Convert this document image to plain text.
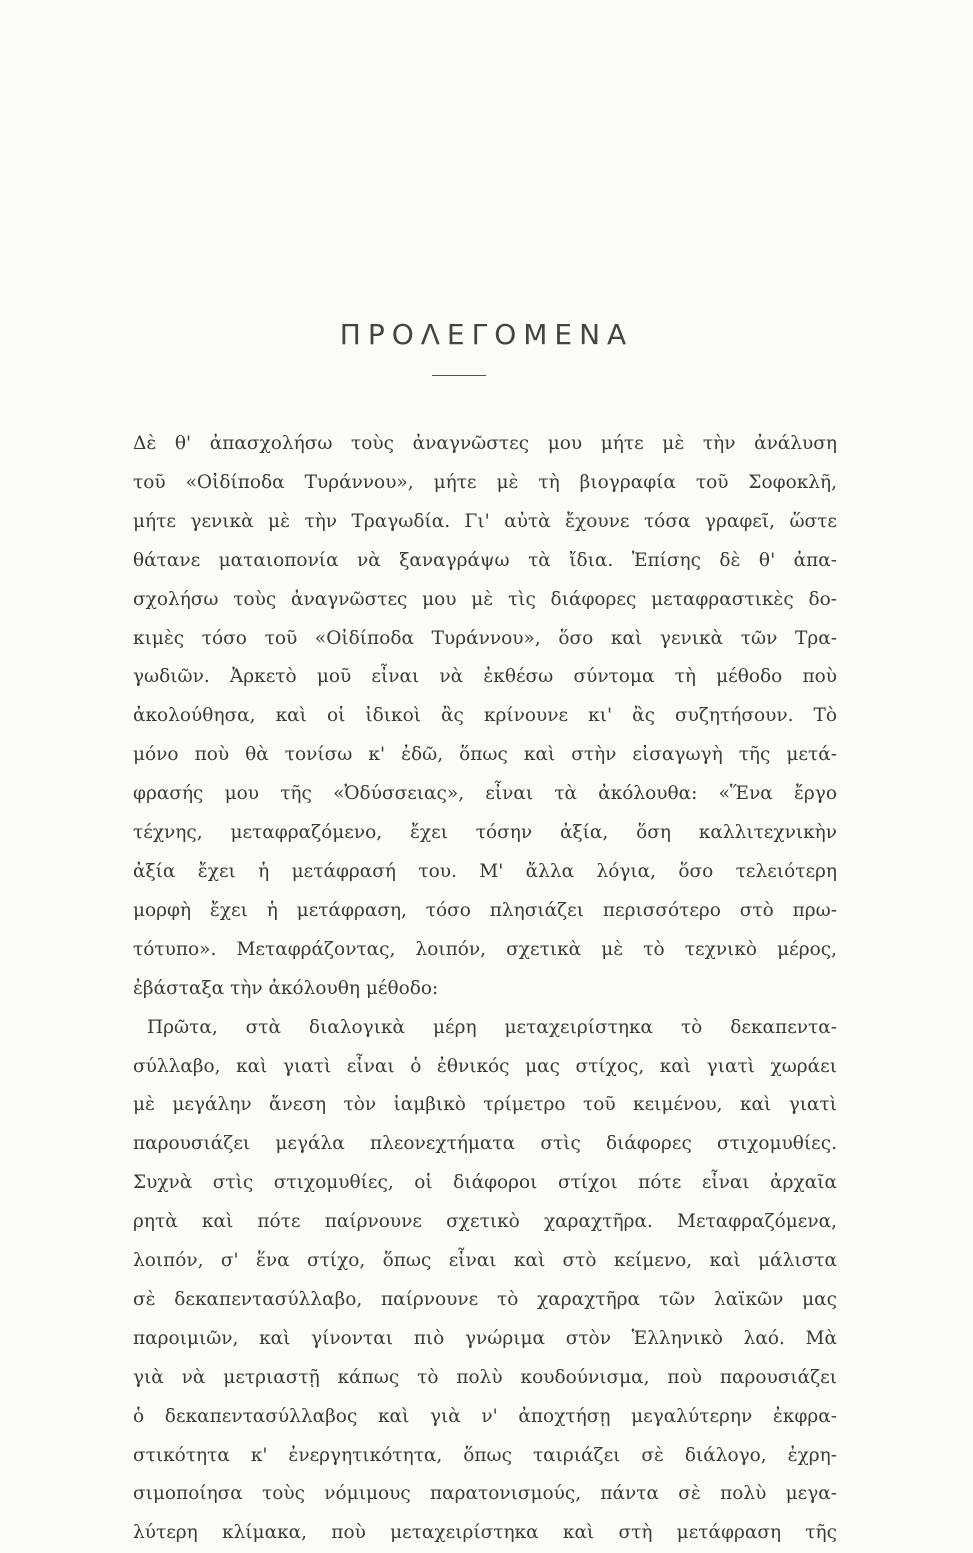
ΠΡΟΛΕΓΟΜΕΝΑ

Δὲ θ' ἀπασχολήσω τοὺς ἀναγνῶστες μου μήτε μὲ τὴν ἀνάλυση

τοῦ «Οἰδίποδα Τυράννου», μήτε μὲ τὴ βιογραφία τοῦ Σοφοκλῆ,

μήτε γενικὰ μὲ τὴν Τραγωδία. Γι' αὐτὰ ἔχουνε τόσα γραφεῖ, ὥστε

θάτανε ματαιοπονία νὰ ξαναγράψω τὰ ἴδια. Ἐπίσης δὲ θ' ἀπα-

σχολήσω τοὺς ἀναγνῶστες μου μὲ τὶς διάφορες μεταφραστικὲς δο-

κιμὲς τόσο τοῦ «Οἰδίποδα Τυράννου», ὅσο καὶ γενικὰ τῶν Τρα-

γωδιῶν. Ἀρκετὸ μοῦ εἶναι νὰ ἐκθέσω σύντομα τὴ μέθοδο ποὺ

ἀκολούθησα, καὶ οἱ ἰδικοὶ ἂς κρίνουνε κι' ἂς συζητήσουν. Τὸ

μόνο ποὺ θὰ τονίσω κ' ἐδῶ, ὅπως καὶ στὴν εἰσαγωγὴ τῆς μετά-

φρασής μου τῆς «Ὀδύσσειας», εἶναι τὰ ἀκόλουθα: «Ἕνα ἔργο

τέχνης, μεταφραζόμενο, ἔχει τόσην ἀξία, ὅση καλλιτεχνικὴν

ἀξία ἔχει ἡ μετάφρασή του. Μ' ἄλλα λόγια, ὅσο τελειότερη

μορφὴ ἔχει ἡ μετάφραση, τόσο πλησιάζει περισσότερο στὸ πρω-

τότυπο». Μεταφράζοντας, λοιπόν, σχετικὰ μὲ τὸ τεχνικὸ μέρος,

ἐβάσταξα τὴν ἀκόλουθη μέθοδο:

Πρῶτα, στὰ διαλογικὰ μέρη μεταχειρίστηκα τὸ δεκαπεντα-

σύλλαβο, καὶ γιατὶ εἶναι ὁ ἐθνικός μας στίχος, καὶ γιατὶ χωράει

μὲ μεγάλην ἄνεση τὸν ἰαμβικὸ τρίμετρο τοῦ κειμένου, καὶ γιατὶ

παρουσιάζει μεγάλα πλεονεχτήματα στὶς διάφορες στιχομυθίες.

Συχνὰ στὶς στιχομυθίες, οἱ διάφοροι στίχοι πότε εἶναι ἀρχαῖα

ρητὰ καὶ πότε παίρνουνε σχετικὸ χαραχτῆρα. Μεταφραζόμενα,

λοιπόν, σ' ἕνα στίχο, ὅπως εἶναι καὶ στὸ κείμενο, καὶ μάλιστα

σὲ δεκαπεντασύλλαβο, παίρνουνε τὸ χαραχτῆρα τῶν λαϊκῶν μας

παροιμιῶν, καὶ γίνονται πιὸ γνώριμα στὸν Ἑλληνικὸ λαό. Μὰ

γιὰ νὰ μετριαστῇ κάπως τὸ πολὺ κουδούνισμα, ποὺ παρουσιάζει

ὁ δεκαπεντασύλλαβος καὶ γιὰ ν' ἀποχτήσῃ μεγαλύτερην ἐκφρα-

στικότητα κ' ἐνεργητικότητα, ὅπως ταιριάζει σὲ διάλογο, ἐχρη-

σιμοποίησα τοὺς νόμιμους παρατονισμούς, πάντα σὲ πολὺ μεγα-

λύτερη κλίμακα, ποὺ μεταχειρίστηκα καὶ στὴ μετάφραση τῆς
